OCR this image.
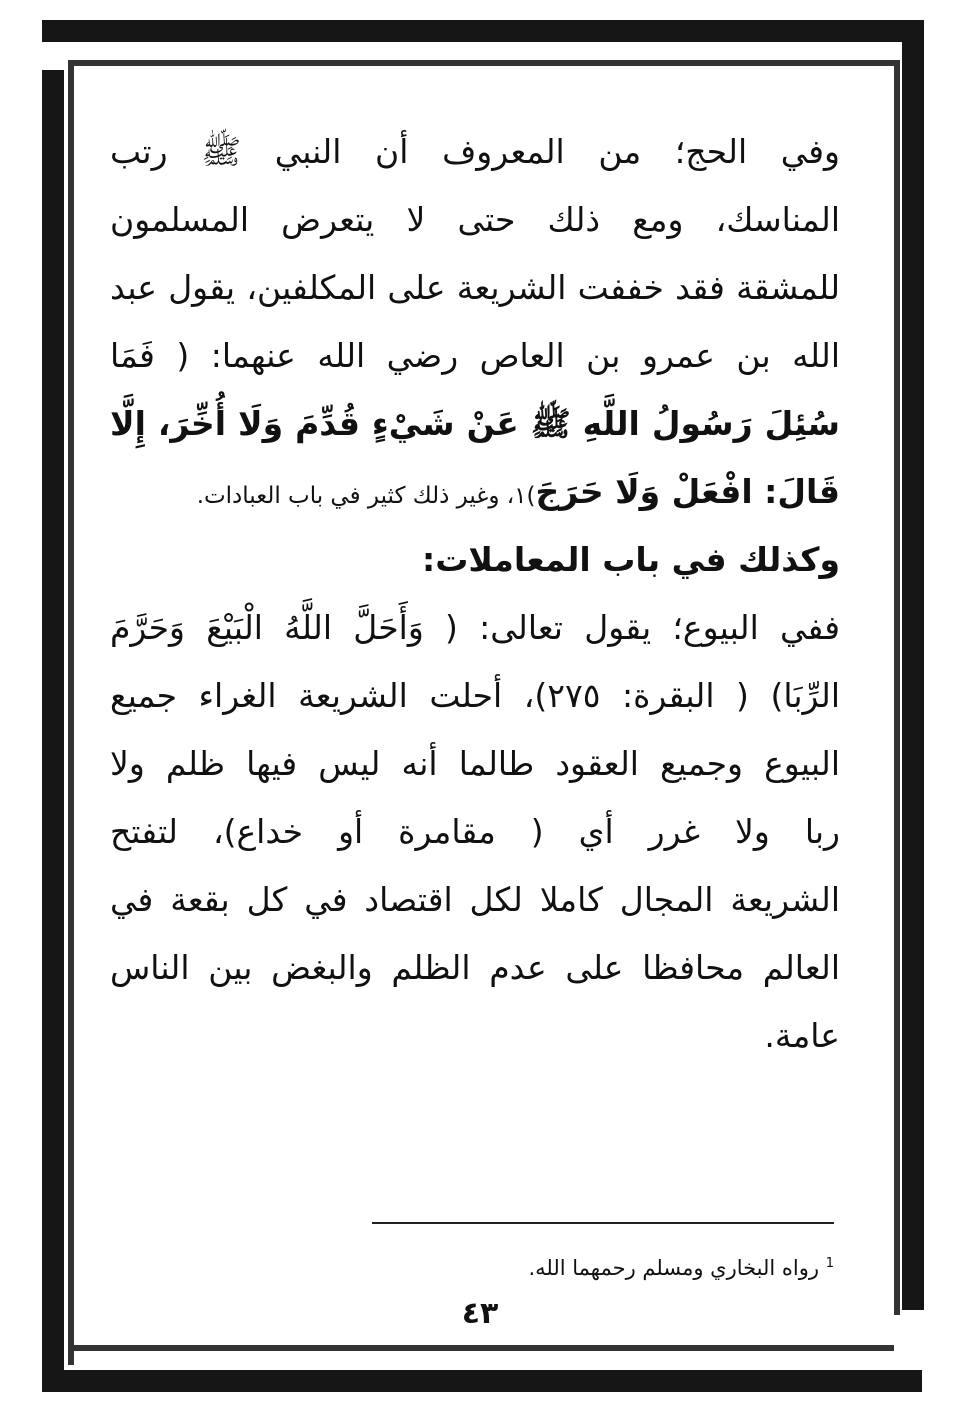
وفي الحج؛ من المعروف أن النبي ﷺ رتب
المناسك، ومع ذلك حتى لا يتعرض المسلمون
للمشقة فقد خففت الشريعة على المكلفين، يقول عبد
الله بن عمرو بن العاص رضي الله عنهما: ( فَمَا
سُئِلَ رَسُولُ اللَّهِ ﷺ عَنْ شَيْءٍ قُدِّمَ وَلَا أُخِّرَ، إِلَّا
قَالَ: افْعَلْ وَلَا حَرَجَ)١، وغير ذلك كثير في باب العبادات.
وكذلك في باب المعاملات:
ففي البيوع؛ يقول تعالى: ( وَأَحَلَّ اللَّهُ الْبَيْعَ وَحَرَّمَ
الرِّبَا) ( البقرة: ٢٧٥)، أحلت الشريعة الغراء جميع
البيوع وجميع العقود طالما أنه ليس فيها ظلم ولا
ربا ولا غرر أي ( مقامرة أو خداع)، لتفتح
الشريعة المجال كاملا لكل اقتصاد في كل بقعة في
العالم محافظا على عدم الظلم والبغض بين الناس
عامة.
$^1$ رواه البخاري ومسلم رحمهما الله.
٤٣
